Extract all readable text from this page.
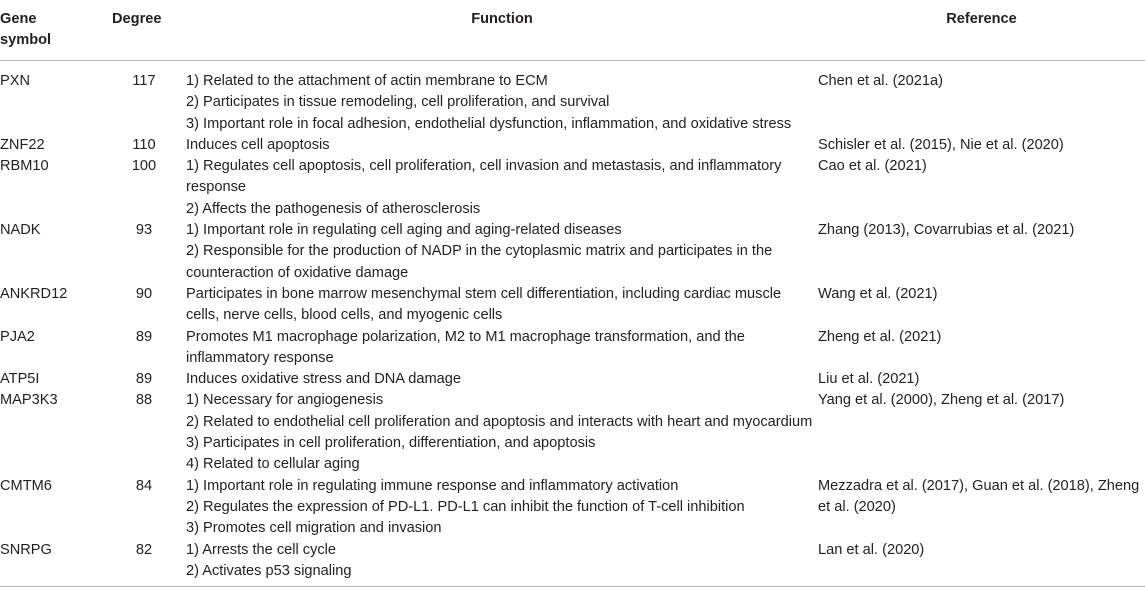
Gene
symbol	Degree	Function	Reference
PXN	117	1) Related to the attachment of actin membrane to ECM
2) Participates in tissue remodeling, cell proliferation, and survival
3) Important role in focal adhesion, endothelial dysfunction, inflammation, and oxidative stress	Chen et al. (2021a)
ZNF22	110	Induces cell apoptosis	Schisler et al. (2015), Nie et al. (2020)
RBM10	100	1) Regulates cell apoptosis, cell proliferation, cell invasion and metastasis, and inflammatory response
2) Affects the pathogenesis of atherosclerosis	Cao et al. (2021)
NADK	93	1) Important role in regulating cell aging and aging-related diseases
2) Responsible for the production of NADP in the cytoplasmic matrix and participates in the counteraction of oxidative damage	Zhang (2013), Covarrubias et al. (2021)
ANKRD12	90	Participates in bone marrow mesenchymal stem cell differentiation, including cardiac muscle cells, nerve cells, blood cells, and myogenic cells	Wang et al. (2021)
PJA2	89	Promotes M1 macrophage polarization, M2 to M1 macrophage transformation, and the inflammatory response	Zheng et al. (2021)
ATP5I	89	Induces oxidative stress and DNA damage	Liu et al. (2021)
MAP3K3	88	1) Necessary for angiogenesis
2) Related to endothelial cell proliferation and apoptosis and interacts with heart and myocardium
3) Participates in cell proliferation, differentiation, and apoptosis
4) Related to cellular aging	Yang et al. (2000), Zheng et al. (2017)
CMTM6	84	1) Important role in regulating immune response and inflammatory activation
2) Regulates the expression of PD-L1. PD-L1 can inhibit the function of T-cell inhibition
3) Promotes cell migration and invasion	Mezzadra et al. (2017), Guan et al. (2018), Zheng et al. (2020)
SNRPG	82	1) Arrests the cell cycle
2) Activates p53 signaling	Lan et al. (2020)
